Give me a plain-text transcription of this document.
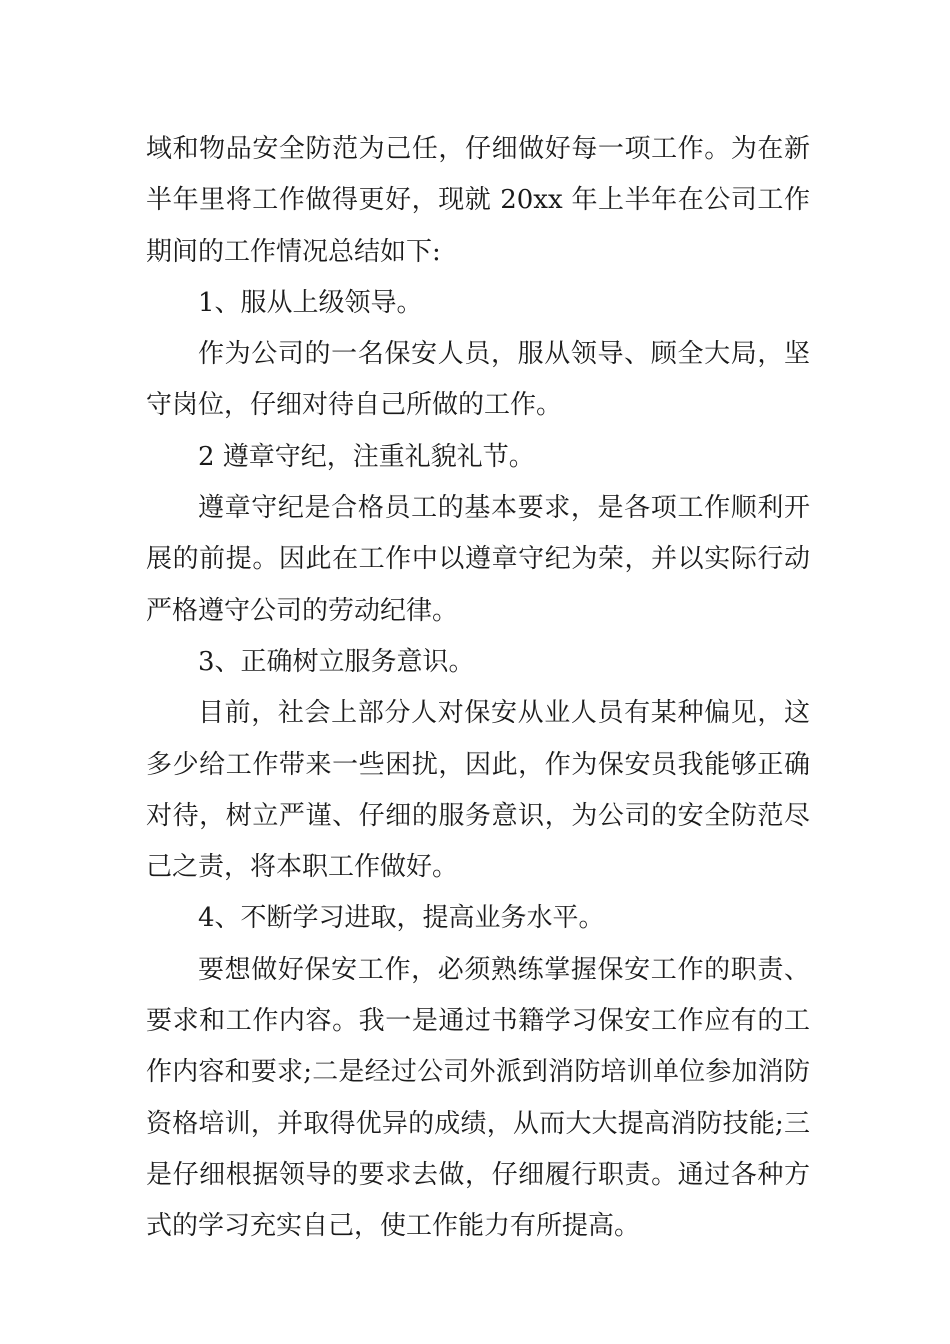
域和物品安全防范为己任，仔细做好每一项工作。为在新半年里将工作做得更好，现就 20xx 年上半年在公司工作期间的工作情况总结如下:

1、服从上级领导。

作为公司的一名保安人员，服从领导、顾全大局，坚守岗位，仔细对待自己所做的工作。

2 遵章守纪，注重礼貌礼节。

遵章守纪是合格员工的基本要求，是各项工作顺利开展的前提。因此在工作中以遵章守纪为荣，并以实际行动严格遵守公司的劳动纪律。

3、正确树立服务意识。

目前，社会上部分人对保安从业人员有某种偏见，这多少给工作带来一些困扰，因此，作为保安员我能够正确对待，树立严谨、仔细的服务意识，为公司的安全防范尽己之责，将本职工作做好。

4、不断学习进取，提高业务水平。

要想做好保安工作，必须熟练掌握保安工作的职责、要求和工作内容。我一是通过书籍学习保安工作应有的工作内容和要求;二是经过公司外派到消防培训单位参加消防资格培训，并取得优异的成绩，从而大大提高消防技能;三是仔细根据领导的要求去做，仔细履行职责。通过各种方式的学习充实自己，使工作能力有所提高。
